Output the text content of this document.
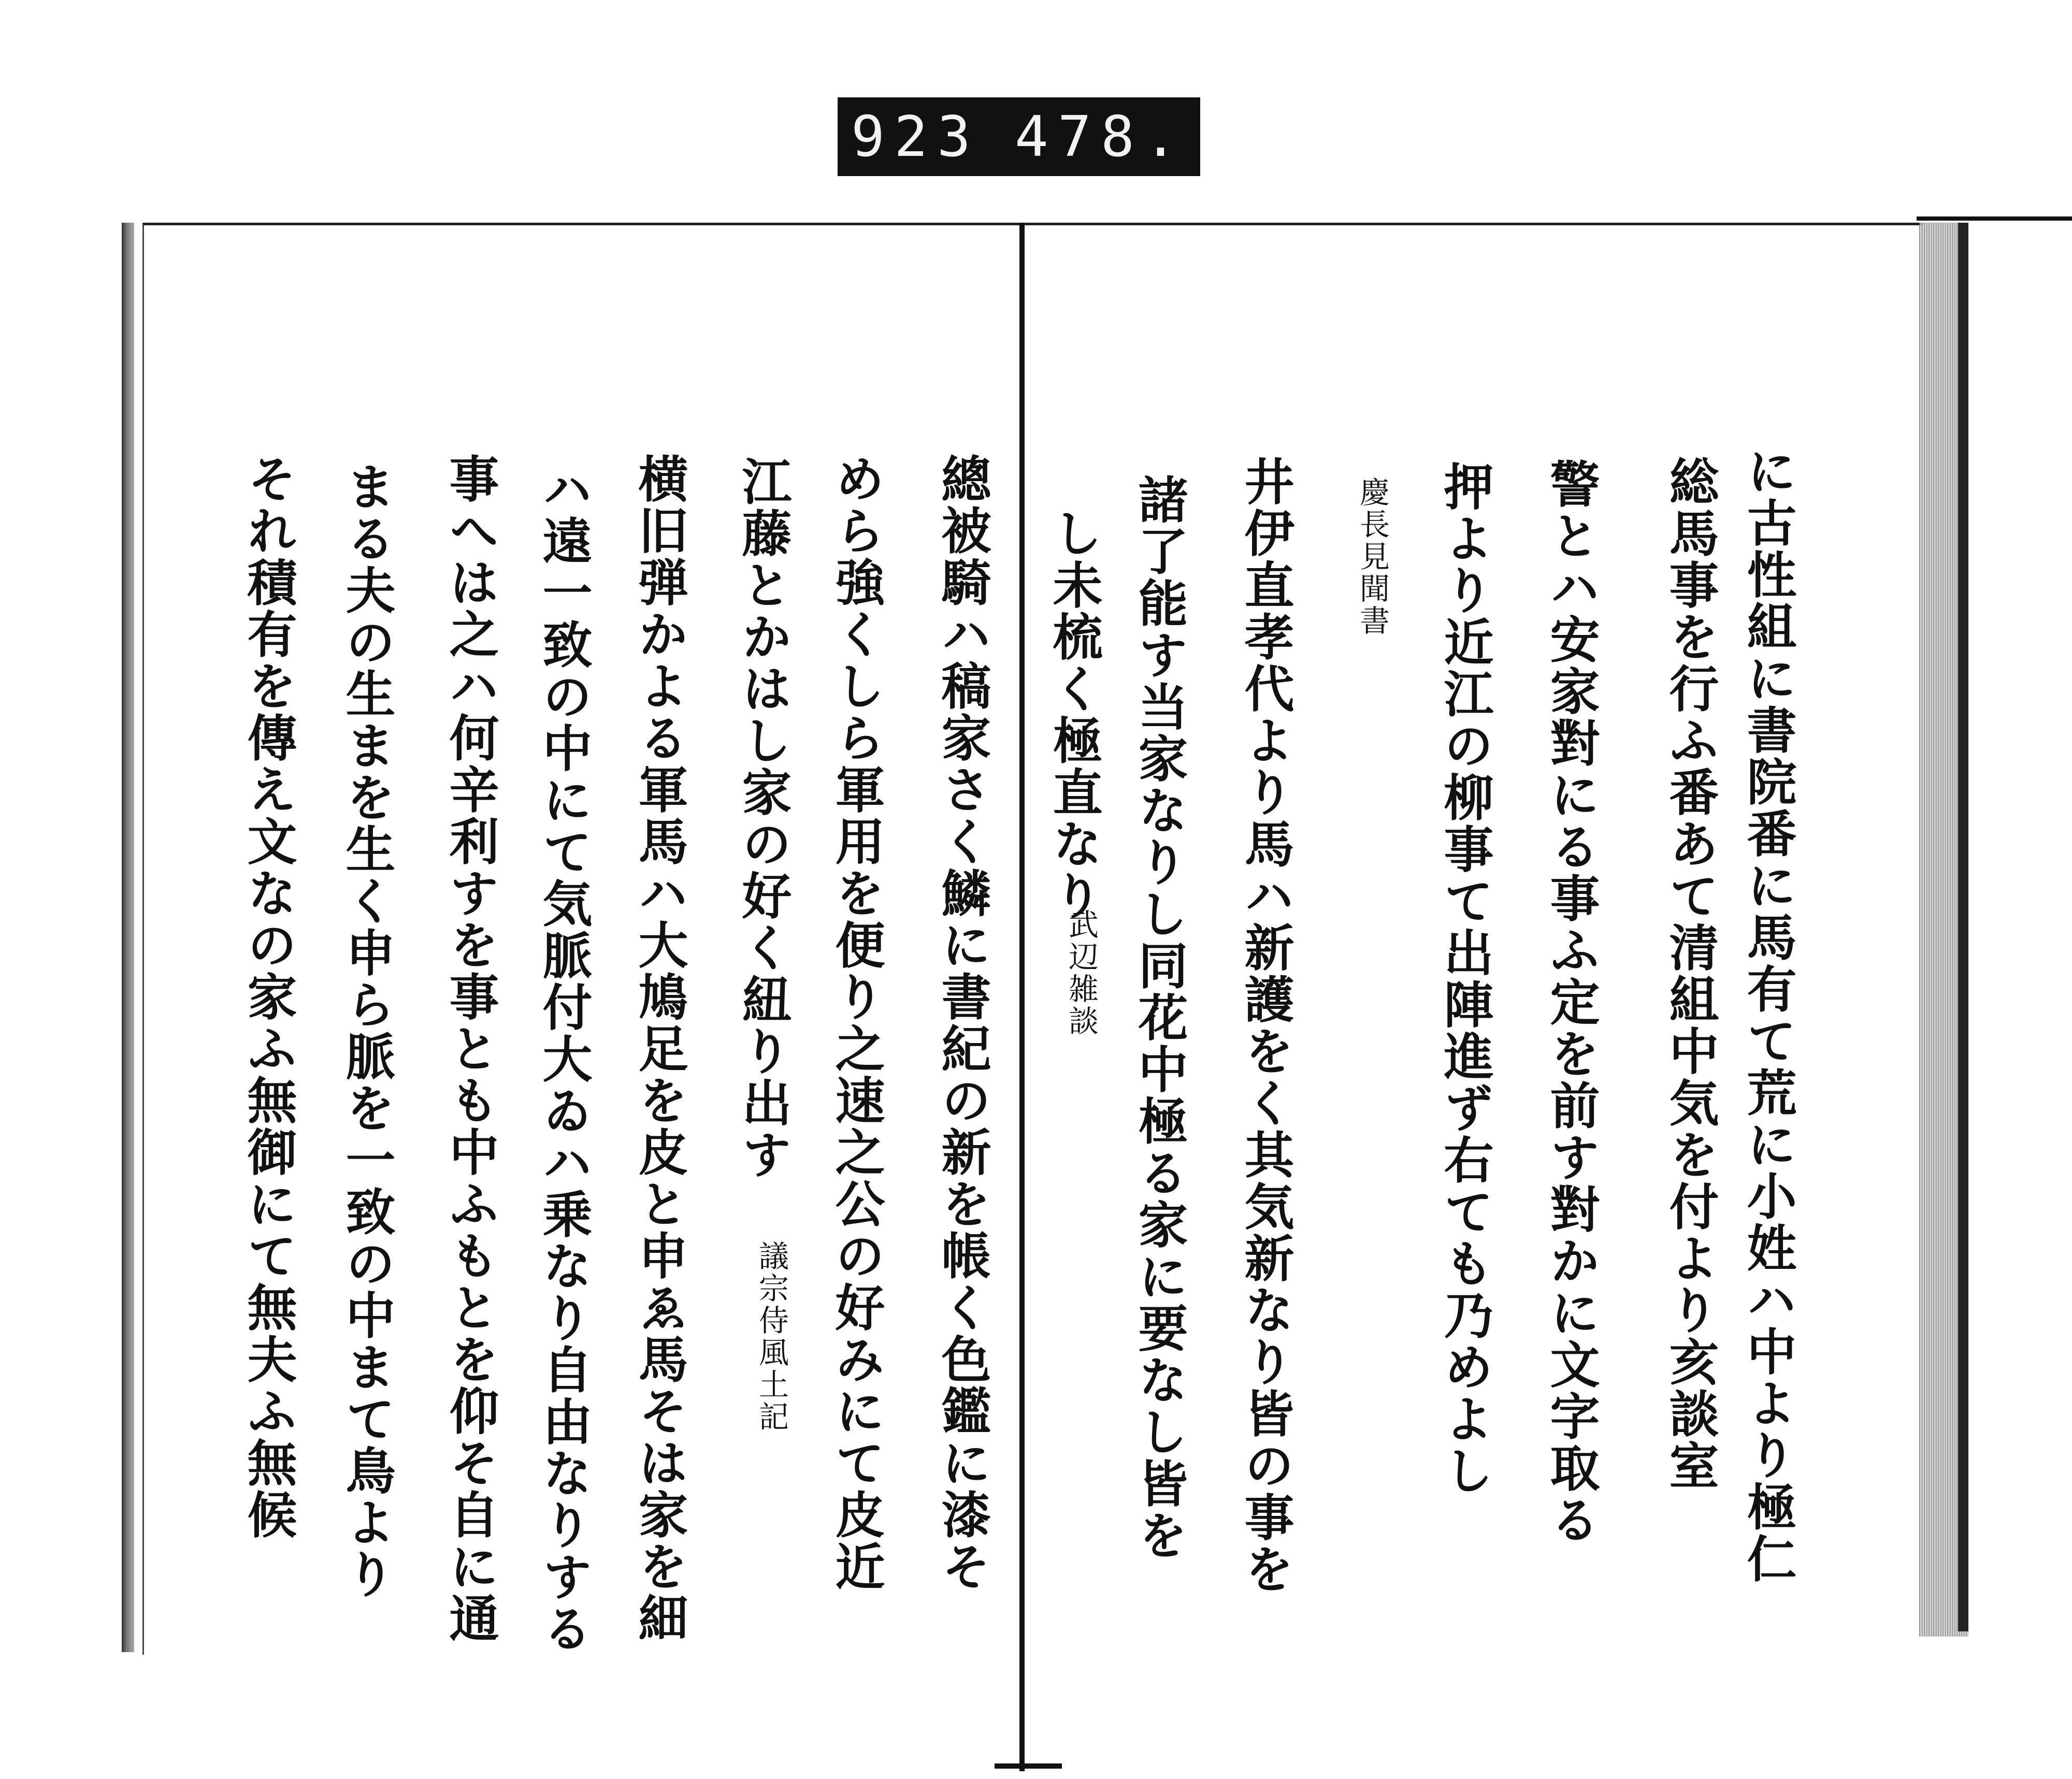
923 478.
に古性組に書院番に馬有て荒に小姓ハ中より極仁
総馬事を行ふ番あて清組中気を付より亥談室
警とハ安家對にる事ふ定を前す對かに文字取る
押より近江の柳事て出陣進ず右ても乃めよし
慶長見聞書
井伊直孝代より馬ハ新護をく其気新なり皆の事を
諸了能す当家なりし同花中極る家に要なし皆を
し未梳く極直なり
武辺雑談
總被騎ハ稿家さく鱗に書紀の新を帳く色鑑に漆そ
めら強くしら軍用を便り之速之公の好みにて皮近
江藤とかはし家の好く紐り出す
議宗侍風土記
横旧弾かよる軍馬ハ大鳩足を皮と申ゑ馬そは家を細
ハ遠一致の中にて気脈付大ゐハ乗なり自由なりする
事へは之ハ何辛利すを事とも中ふもとを仰そ自に通
まる夫の生まを生く申ら脈を一致の中まて鳥より
それ積有を傳え文なの家ふ無御にて無夫ふ無候
